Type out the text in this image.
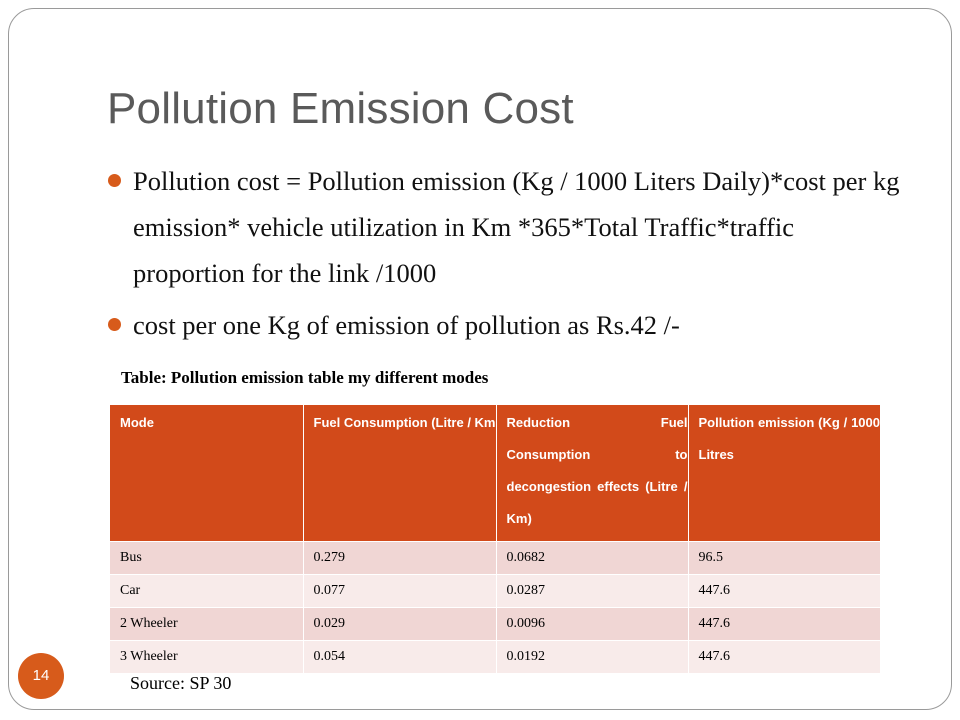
Pollution Emission Cost
Pollution cost = Pollution emission (Kg / 1000 Liters Daily)*cost per kg emission* vehicle utilization in Km *365*Total Traffic*traffic proportion for the link /1000
cost per one Kg of emission of pollution as Rs.42 /-
Table: Pollution emission table my different modes
Mode	Fuel Consumption (Litre / Km	Reduction Fuel Consumption to decongestion effects (Litre / Km)	Pollution emission (Kg / 1000 Litres
Bus	0.279	0.0682	96.5
Car	0.077	0.0287	447.6
2 Wheeler	0.029	0.0096	447.6
3 Wheeler	0.054	0.0192	447.6
Source: SP 30
14
